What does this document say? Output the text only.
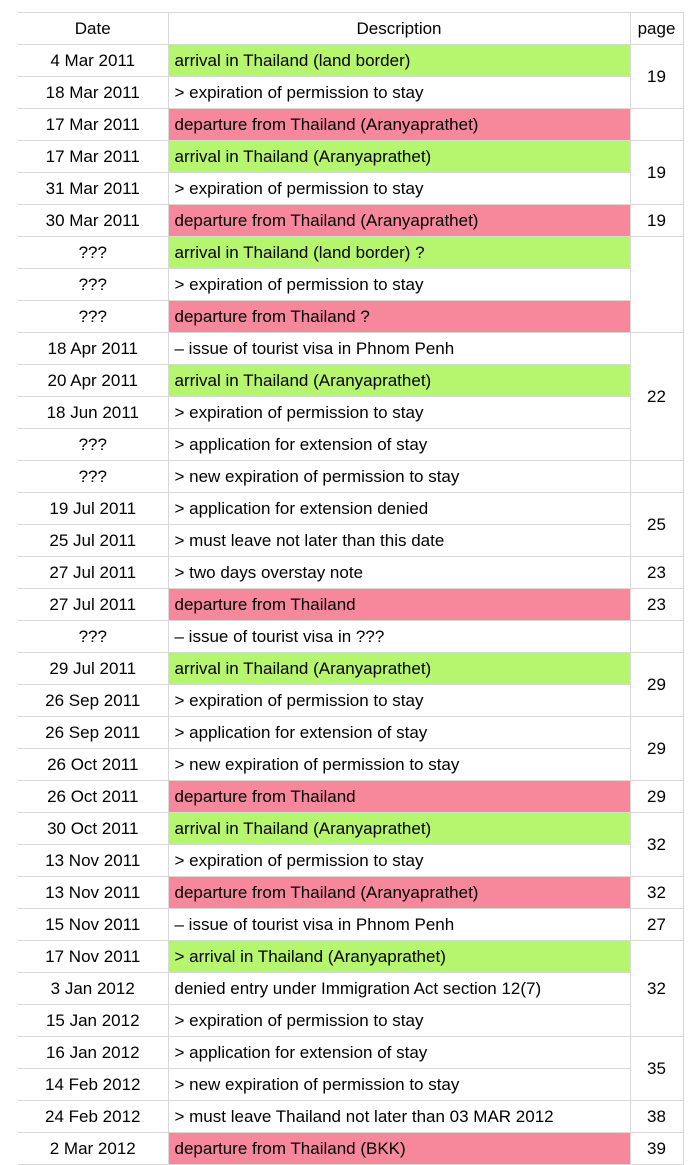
Date	Description	page
4 Mar 2011	arrival in Thailand (land border)	19
18 Mar 2011	> expiration of permission to stay	
17 Mar 2011	departure from Thailand (Aranyaprathet)	
17 Mar 2011	arrival in Thailand (Aranyaprathet)	19
31 Mar 2011	> expiration of permission to stay	
30 Mar 2011	departure from Thailand (Aranyaprathet)	19
???	arrival in Thailand (land border) ?	
???	> expiration of permission to stay	
???	departure from Thailand ?	
18 Apr 2011	– issue of tourist visa in Phnom Penh	22
20 Apr 2011	arrival in Thailand (Aranyaprathet)	
18 Jun 2011	> expiration of permission to stay	
???	> application for extension of stay	
???	> new expiration of permission to stay	
19 Jul 2011	> application for extension denied	25
25 Jul 2011	> must leave not later than this date	
27 Jul 2011	> two days overstay note	23
27 Jul 2011	departure from Thailand	23
???	– issue of tourist visa in ???	
29 Jul 2011	arrival in Thailand (Aranyaprathet)	29
26 Sep 2011	> expiration of permission to stay	
26 Sep 2011	> application for extension of stay	29
26 Oct 2011	> new expiration of permission to stay	
26 Oct 2011	departure from Thailand	29
30 Oct 2011	arrival in Thailand (Aranyaprathet)	32
13 Nov 2011	> expiration of permission to stay	
13 Nov 2011	departure from Thailand (Aranyaprathet)	32
15 Nov 2011	– issue of tourist visa in Phnom Penh	27
17 Nov 2011	> arrival in Thailand (Aranyaprathet)	32
3 Jan 2012	denied entry under Immigration Act section 12(7)	
15 Jan 2012	> expiration of permission to stay	
16 Jan 2012	> application for extension of stay	35
14 Feb 2012	> new expiration of permission to stay	
24 Feb 2012	> must leave Thailand not later than 03 MAR 2012	38
2 Mar 2012	departure from Thailand (BKK)	39
